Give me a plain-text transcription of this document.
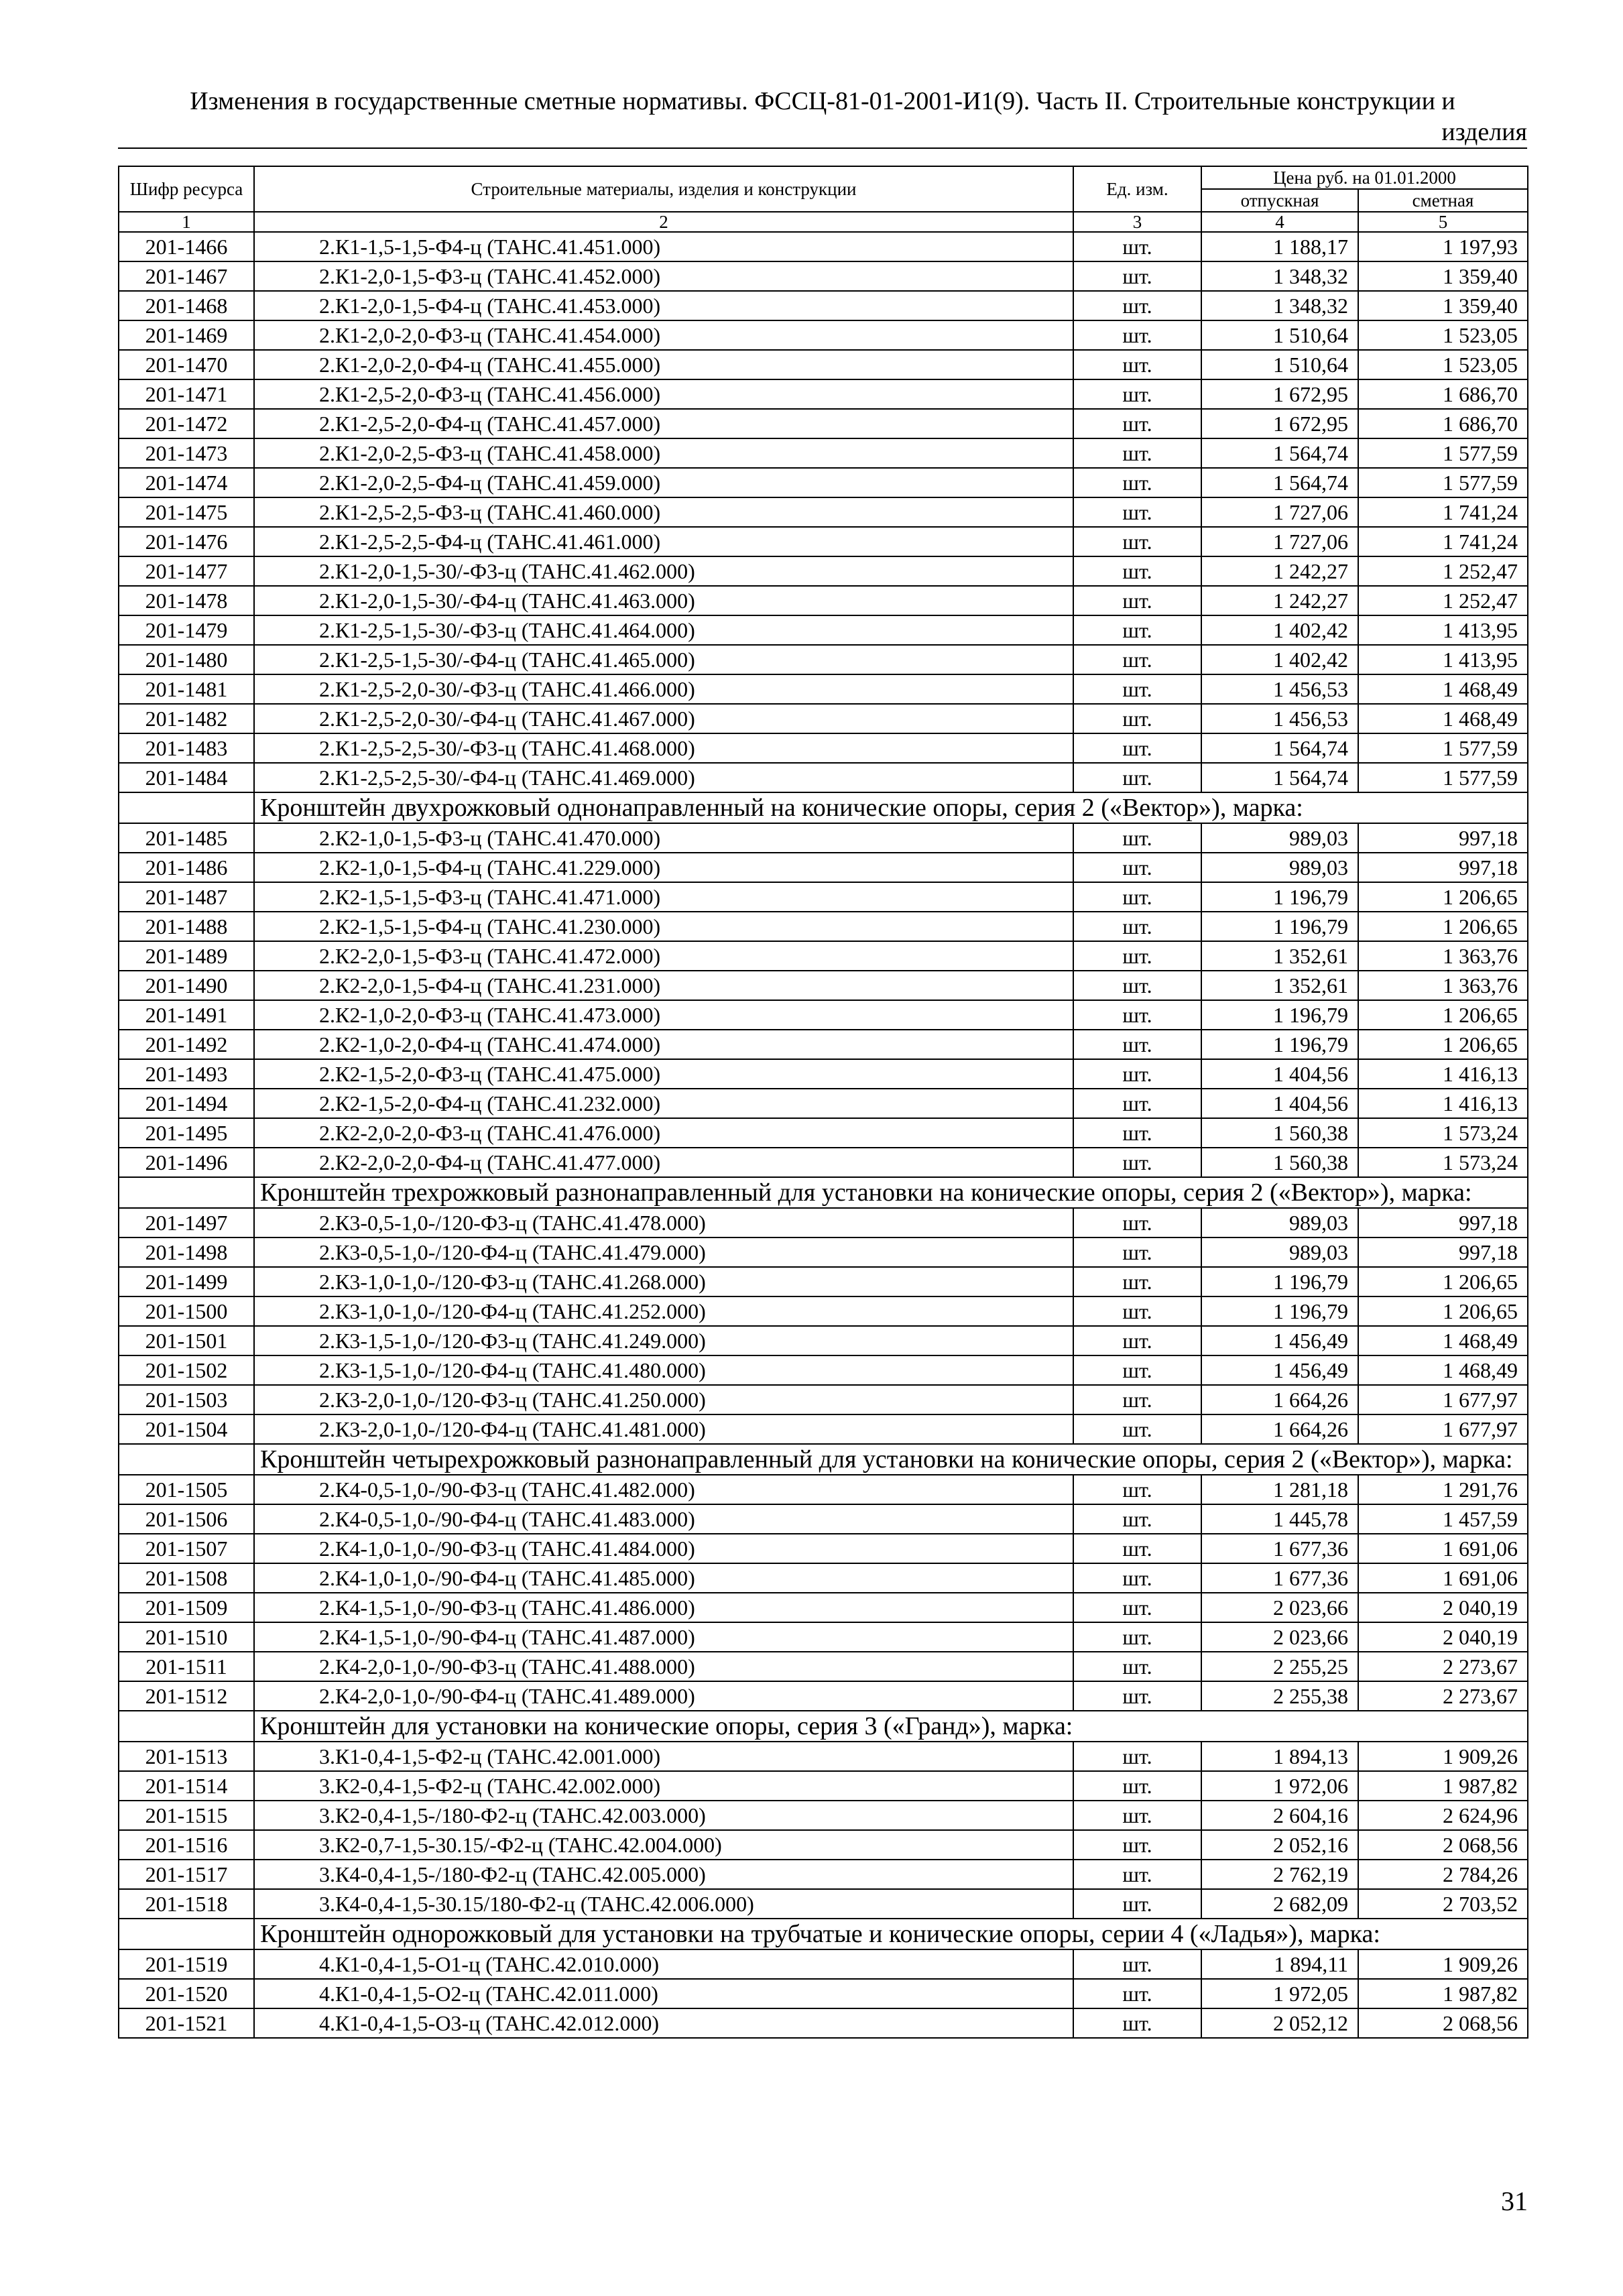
Изменения в государственные сметные нормативы. ФССЦ-81-01-2001-И1(9). Часть II. Строительные конструкции и
изделия
Шифр ресурса	Строительные материалы, изделия и конструкции	Ед. изм.	Цена руб. на 01.01.2000	
			отпускная	сметная
1	2	3	4	5
201-1466	2.К1-1,5-1,5-Ф4-ц (ТАНС.41.451.000)	шт.	1 188,17	1 197,93
201-1467	2.К1-2,0-1,5-Ф3-ц (ТАНС.41.452.000)	шт.	1 348,32	1 359,40
201-1468	2.К1-2,0-1,5-Ф4-ц (ТАНС.41.453.000)	шт.	1 348,32	1 359,40
201-1469	2.К1-2,0-2,0-Ф3-ц (ТАНС.41.454.000)	шт.	1 510,64	1 523,05
201-1470	2.К1-2,0-2,0-Ф4-ц (ТАНС.41.455.000)	шт.	1 510,64	1 523,05
201-1471	2.К1-2,5-2,0-Ф3-ц (ТАНС.41.456.000)	шт.	1 672,95	1 686,70
201-1472	2.К1-2,5-2,0-Ф4-ц (ТАНС.41.457.000)	шт.	1 672,95	1 686,70
201-1473	2.К1-2,0-2,5-Ф3-ц (ТАНС.41.458.000)	шт.	1 564,74	1 577,59
201-1474	2.К1-2,0-2,5-Ф4-ц (ТАНС.41.459.000)	шт.	1 564,74	1 577,59
201-1475	2.К1-2,5-2,5-Ф3-ц (ТАНС.41.460.000)	шт.	1 727,06	1 741,24
201-1476	2.К1-2,5-2,5-Ф4-ц (ТАНС.41.461.000)	шт.	1 727,06	1 741,24
201-1477	2.К1-2,0-1,5-30/-Ф3-ц (ТАНС.41.462.000)	шт.	1 242,27	1 252,47
201-1478	2.К1-2,0-1,5-30/-Ф4-ц (ТАНС.41.463.000)	шт.	1 242,27	1 252,47
201-1479	2.К1-2,5-1,5-30/-Ф3-ц (ТАНС.41.464.000)	шт.	1 402,42	1 413,95
201-1480	2.К1-2,5-1,5-30/-Ф4-ц (ТАНС.41.465.000)	шт.	1 402,42	1 413,95
201-1481	2.К1-2,5-2,0-30/-Ф3-ц (ТАНС.41.466.000)	шт.	1 456,53	1 468,49
201-1482	2.К1-2,5-2,0-30/-Ф4-ц (ТАНС.41.467.000)	шт.	1 456,53	1 468,49
201-1483	2.К1-2,5-2,5-30/-Ф3-ц (ТАНС.41.468.000)	шт.	1 564,74	1 577,59
201-1484	2.К1-2,5-2,5-30/-Ф4-ц (ТАНС.41.469.000)	шт.	1 564,74	1 577,59
	Кронштейн двухрожковый однонаправленный на конические опоры, серия 2 («Вектор»), марка:			
201-1485	2.К2-1,0-1,5-Ф3-ц (ТАНС.41.470.000)	шт.	989,03	997,18
201-1486	2.К2-1,0-1,5-Ф4-ц (ТАНС.41.229.000)	шт.	989,03	997,18
201-1487	2.К2-1,5-1,5-Ф3-ц (ТАНС.41.471.000)	шт.	1 196,79	1 206,65
201-1488	2.К2-1,5-1,5-Ф4-ц (ТАНС.41.230.000)	шт.	1 196,79	1 206,65
201-1489	2.К2-2,0-1,5-Ф3-ц (ТАНС.41.472.000)	шт.	1 352,61	1 363,76
201-1490	2.К2-2,0-1,5-Ф4-ц (ТАНС.41.231.000)	шт.	1 352,61	1 363,76
201-1491	2.К2-1,0-2,0-Ф3-ц (ТАНС.41.473.000)	шт.	1 196,79	1 206,65
201-1492	2.К2-1,0-2,0-Ф4-ц (ТАНС.41.474.000)	шт.	1 196,79	1 206,65
201-1493	2.К2-1,5-2,0-Ф3-ц (ТАНС.41.475.000)	шт.	1 404,56	1 416,13
201-1494	2.К2-1,5-2,0-Ф4-ц (ТАНС.41.232.000)	шт.	1 404,56	1 416,13
201-1495	2.К2-2,0-2,0-Ф3-ц (ТАНС.41.476.000)	шт.	1 560,38	1 573,24
201-1496	2.К2-2,0-2,0-Ф4-ц (ТАНС.41.477.000)	шт.	1 560,38	1 573,24
	Кронштейн трехрожковый разнонаправленный для установки на конические опоры, серия 2 («Вектор»), марка:			
201-1497	2.К3-0,5-1,0-/120-Ф3-ц (ТАНС.41.478.000)	шт.	989,03	997,18
201-1498	2.К3-0,5-1,0-/120-Ф4-ц (ТАНС.41.479.000)	шт.	989,03	997,18
201-1499	2.К3-1,0-1,0-/120-Ф3-ц (ТАНС.41.268.000)	шт.	1 196,79	1 206,65
201-1500	2.К3-1,0-1,0-/120-Ф4-ц (ТАНС.41.252.000)	шт.	1 196,79	1 206,65
201-1501	2.К3-1,5-1,0-/120-Ф3-ц (ТАНС.41.249.000)	шт.	1 456,49	1 468,49
201-1502	2.К3-1,5-1,0-/120-Ф4-ц (ТАНС.41.480.000)	шт.	1 456,49	1 468,49
201-1503	2.К3-2,0-1,0-/120-Ф3-ц (ТАНС.41.250.000)	шт.	1 664,26	1 677,97
201-1504	2.К3-2,0-1,0-/120-Ф4-ц (ТАНС.41.481.000)	шт.	1 664,26	1 677,97
	Кронштейн четырехрожковый разнонаправленный для установки на конические опоры, серия 2 («Вектор»), марка:			
201-1505	2.К4-0,5-1,0-/90-Ф3-ц (ТАНС.41.482.000)	шт.	1 281,18	1 291,76
201-1506	2.К4-0,5-1,0-/90-Ф4-ц (ТАНС.41.483.000)	шт.	1 445,78	1 457,59
201-1507	2.К4-1,0-1,0-/90-Ф3-ц (ТАНС.41.484.000)	шт.	1 677,36	1 691,06
201-1508	2.К4-1,0-1,0-/90-Ф4-ц (ТАНС.41.485.000)	шт.	1 677,36	1 691,06
201-1509	2.К4-1,5-1,0-/90-Ф3-ц (ТАНС.41.486.000)	шт.	2 023,66	2 040,19
201-1510	2.К4-1,5-1,0-/90-Ф4-ц (ТАНС.41.487.000)	шт.	2 023,66	2 040,19
201-1511	2.К4-2,0-1,0-/90-Ф3-ц (ТАНС.41.488.000)	шт.	2 255,25	2 273,67
201-1512	2.К4-2,0-1,0-/90-Ф4-ц (ТАНС.41.489.000)	шт.	2 255,38	2 273,67
	Кронштейн для установки на конические опоры, серия 3 («Гранд»), марка:			
201-1513	3.К1-0,4-1,5-Ф2-ц (ТАНС.42.001.000)	шт.	1 894,13	1 909,26
201-1514	3.К2-0,4-1,5-Ф2-ц (ТАНС.42.002.000)	шт.	1 972,06	1 987,82
201-1515	3.К2-0,4-1,5-/180-Ф2-ц (ТАНС.42.003.000)	шт.	2 604,16	2 624,96
201-1516	3.К2-0,7-1,5-30.15/-Ф2-ц (ТАНС.42.004.000)	шт.	2 052,16	2 068,56
201-1517	3.К4-0,4-1,5-/180-Ф2-ц (ТАНС.42.005.000)	шт.	2 762,19	2 784,26
201-1518	3.К4-0,4-1,5-30.15/180-Ф2-ц (ТАНС.42.006.000)	шт.	2 682,09	2 703,52
	Кронштейн однорожковый для установки на трубчатые и конические опоры, серии 4 («Ладья»), марка:			
201-1519	4.К1-0,4-1,5-О1-ц (ТАНС.42.010.000)	шт.	1 894,11	1 909,26
201-1520	4.К1-0,4-1,5-О2-ц (ТАНС.42.011.000)	шт.	1 972,05	1 987,82
201-1521	4.К1-0,4-1,5-О3-ц (ТАНС.42.012.000)	шт.	2 052,12	2 068,56
31
